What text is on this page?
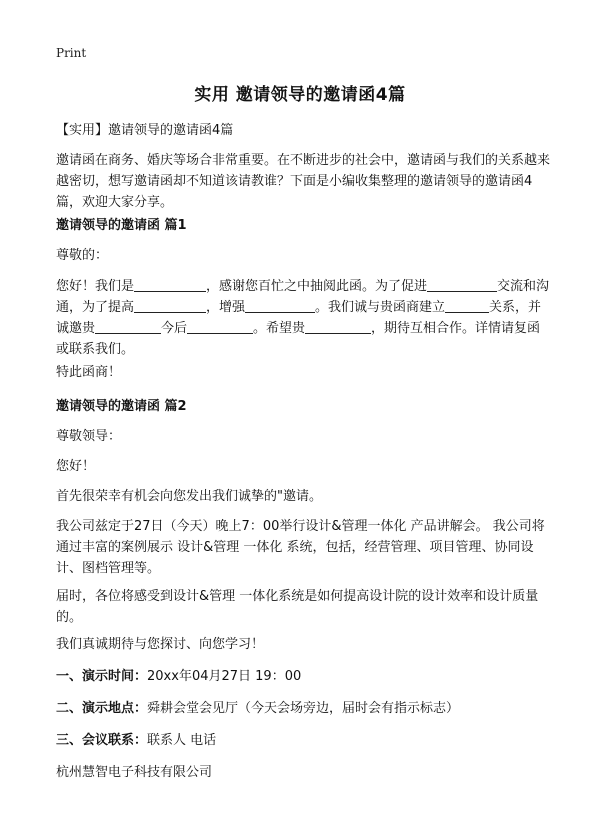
Print
实用 邀请领导的邀请函4篇
【实用】邀请领导的邀请函4篇
邀请函在商务、婚庆等场合非常重要。在不断进步的社会中，邀请函与我们的关系越来越密切，想写邀请函却不知道该请教谁？下面是小编收集整理的邀请领导的邀请函4篇，欢迎大家分享。
邀请领导的邀请函 篇1
尊敬的：
您好！我们是	，感谢您百忙之中抽阅此函。为了促进	交流和沟通，为了提高	，增强	。我们诚与贵函商建立	关系，并诚邀贵	今后	。希望贵	，期待互相合作。详情请复函或联系我们。
特此函商！
邀请领导的邀请函 篇2
尊敬领导：
您好！
首先很荣幸有机会向您发出我们诚挚的"邀请。
我公司兹定于27日（今天）晚上7：00举行设计&管理一体化 产品讲解会。 我公司将通过丰富的案例展示 设计&管理 一体化 系统，包括，经营管理、项目管理、协同设计、图档管理等。
届时，各位将感受到设计&管理 一体化系统是如何提高设计院的设计效率和设计质量的。
我们真诚期待与您探讨、向您学习！
一、演示时间：20xx年04月27日 19：00
二、演示地点：舜耕会堂会见厅（今天会场旁边，届时会有指示标志）
三、会议联系：联系人 电话
杭州慧智电子科技有限公司
